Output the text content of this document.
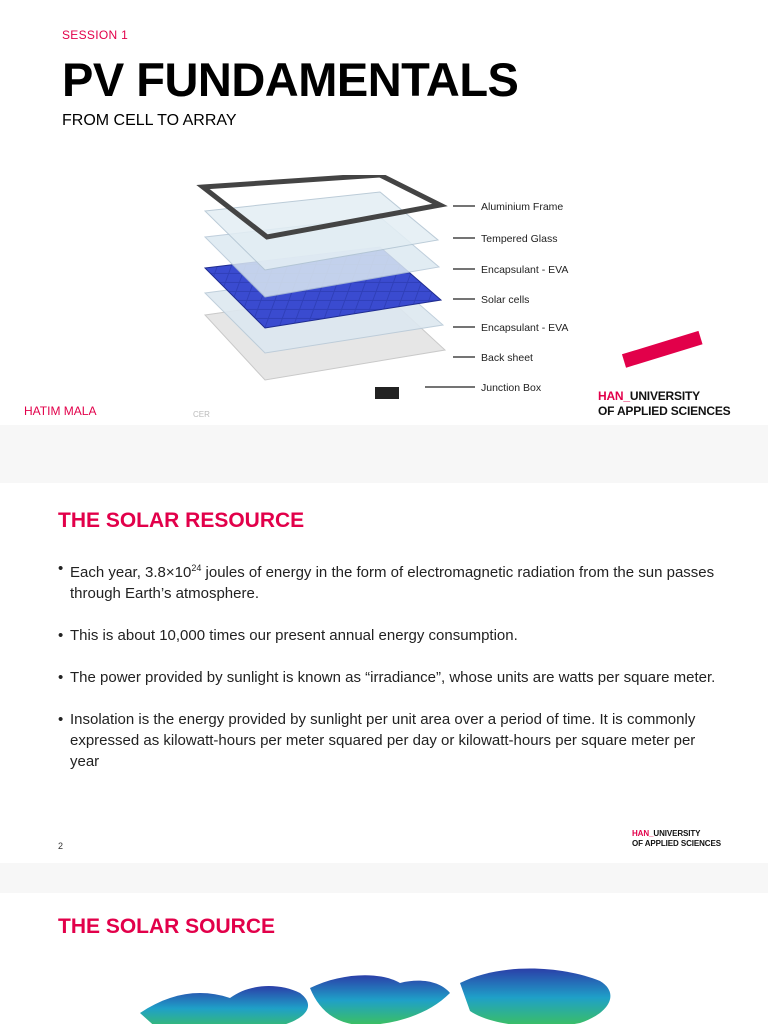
SESSION 1
PV FUNDAMENTALS
FROM CELL TO ARRAY
Aluminium Frame
Tempered Glass
Encapsulant - EVA
Solar cells
Encapsulant - EVA
Back sheet
Junction Box
HATIM MALA	CER
HAN_UNIVERSITY
OF APPLIED SCIENCES
THE SOLAR RESOURCE
• Each year, $3.8\times 10^{24}$ joules of energy in the form of electromagnetic radiation from the sun passes through Earth’s atmosphere.
• This is about 10,000 times our present annual energy consumption.
• The power provided by sunlight is known as “irradiance”, whose units are watts per square meter.
• Insolation is the energy provided by sunlight per unit area over a period of time. It is commonly expressed as kilowatt-hours per meter squared per day or kilowatt-hours per square meter per year
2
HAN_UNIVERSITY
OF APPLIED SCIENCES
THE SOLAR SOURCE
